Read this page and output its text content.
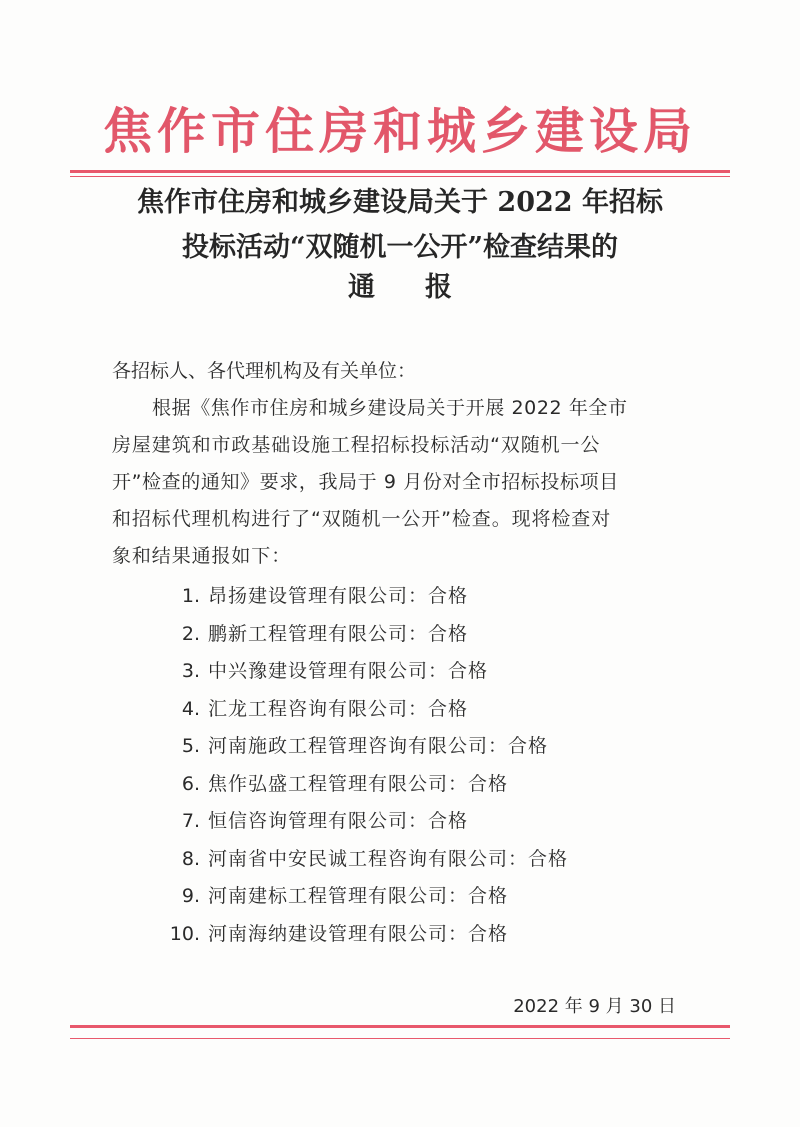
焦作市住房和城乡建设局
焦作市住房和城乡建设局关于 2022 年招标
投标活动“双随机一公开”检查结果的
通报
各招标人、各代理机构及有关单位：
根据《焦作市住房和城乡建设局关于开展 2022 年全市
房屋建筑和市政基础设施工程招标投标活动“双随机一公
开”检查的通知》要求，我局于 9 月份对全市招标投标项目
和招标代理机构进行了“双随机一公开”检查。现将检查对
象和结果通报如下：
1. 昂扬建设管理有限公司：合格
2. 鹏新工程管理有限公司：合格
3. 中兴豫建设管理有限公司：合格
4. 汇龙工程咨询有限公司：合格
5. 河南施政工程管理咨询有限公司：合格
6. 焦作弘盛工程管理有限公司：合格
7. 恒信咨询管理有限公司：合格
8. 河南省中安民诚工程咨询有限公司：合格
9. 河南建标工程管理有限公司：合格
10. 河南海纳建设管理有限公司：合格
2022 年 9 月 30 日
